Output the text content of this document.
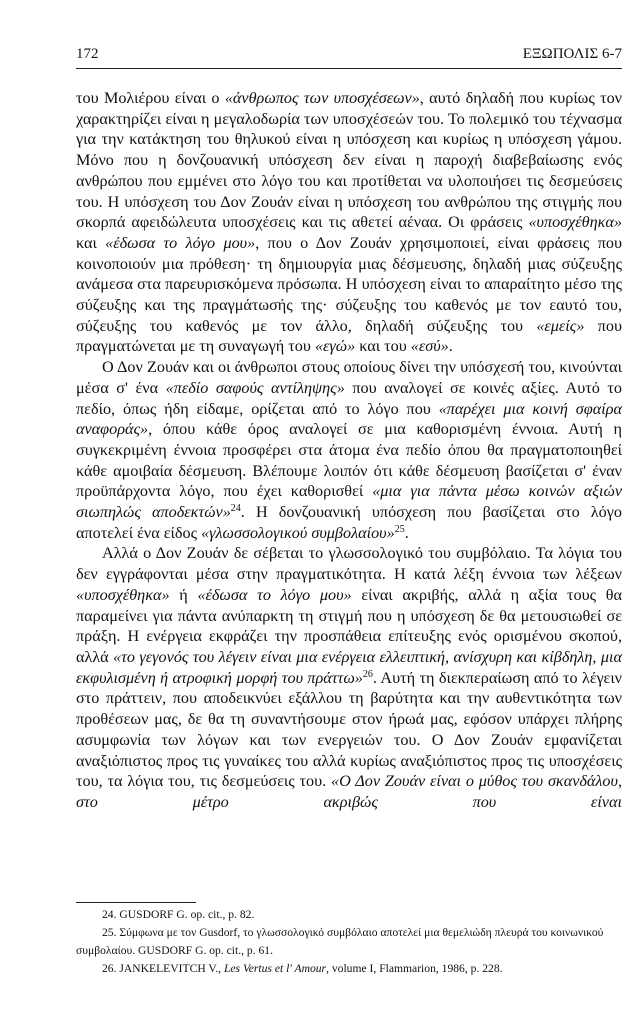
172	ΕΞΩΠΟΛΙΣ 6-7

του Μολιέρου είναι ο «άνθρωπος των υποσχέσεων», αυτό δηλαδή που κυρίως τον χαρακτηρίζει είναι η μεγαλοδωρία των υποσχέσεών του. Το πολεμικό του τέχνασμα για την κατάκτηση του θηλυκού είναι η υπόσχεση και κυρίως η υπόσχεση γάμου. Μόνο που η δονζουανική υπόσχεση δεν είναι η παροχή διαβεβαίωσης ενός ανθρώπου που εμμένει στο λόγο του και προτίθεται να υλοποιήσει τις δεσμεύσεις του. Η υπόσχεση του Δον Ζουάν είναι η υπόσχεση του ανθρώπου της στιγμής που σκορπά αφειδώλευτα υποσχέσεις και τις αθετεί αέναα. Οι φράσεις «υποσχέθηκα» και «έδωσα το λόγο μου», που ο Δον Ζουάν χρησιμοποιεί, είναι φράσεις που κοινοποιούν μια πρόθεση· τη δημιουργία μιας δέσμευσης, δηλαδή μιας σύζευξης ανάμεσα στα παρευρισκόμενα πρόσωπα. Η υπόσχεση είναι το απαραίτητο μέσο της σύζευξης και της πραγμάτωσής της· σύζευξης του καθενός με τον εαυτό του, σύζευξης του καθενός με τον άλλο, δηλαδή σύζευξης του «εμείς» που πραγματώνεται με τη συναγωγή του «εγώ» και του «εσύ».

Ο Δον Ζουάν και οι άνθρωποι στους οποίους δίνει την υπόσχεσή του, κινούνται μέσα σ' ένα «πεδίο σαφούς αντίληψης» που αναλογεί σε κοινές αξίες. Αυτό το πεδίο, όπως ήδη είδαμε, ορίζεται από το λόγο που «παρέχει μια κοινή σφαίρα αναφοράς», όπου κάθε όρος αναλογεί σε μια καθορισμένη έννοια. Αυτή η συγκεκριμένη έννοια προσφέρει στα άτομα ένα πεδίο όπου θα πραγματοποιηθεί κάθε αμοιβαία δέσμευση. Βλέπουμε λοιπόν ότι κάθε δέσμευση βασίζεται σ' έναν προϋπάρχοντα λόγο, που έχει καθορισθεί «μια για πάντα μέσω κοινών αξιών σιωπηλώς αποδεκτών»$^{24}$. Η δονζουανική υπόσχεση που βασίζεται στο λόγο αποτελεί ένα είδος «γλωσσολογικού συμβολαίου»$^{25}$.

Αλλά ο Δον Ζουάν δε σέβεται το γλωσσολογικό του συμβόλαιο. Τα λόγια του δεν εγγράφονται μέσα στην πραγματικότητα. Η κατά λέξη έννοια των λέξεων «υποσχέθηκα» ή «έδωσα το λόγο μου» είναι ακριβής, αλλά η αξία τους θα παραμείνει για πάντα ανύπαρκτη τη στιγμή που η υπόσχεση δε θα μετουσιωθεί σε πράξη. Η ενέργεια εκφράζει την προσπάθεια επίτευξης ενός ορισμένου σκοπού, αλλά «το γεγονός του λέγειν είναι μια ενέργεια ελλειπτική, ανίσχυρη και κίβδηλη, μια εκφυλισμένη ή ατροφική μορφή του πράττω»$^{26}$. Αυτή τη διεκπεραίωση από το λέγειν στο πράττειν, που αποδεικνύει εξάλλου τη βαρύτητα και την αυθεντικότητα των προθέσεων μας, δε θα τη συναντήσουμε στον ήρωά μας, εφόσον υπάρχει πλήρης ασυμφωνία των λόγων και των ενεργειών του. Ο Δον Ζουάν εμφανίζεται αναξιόπιστος προς τις γυναίκες του αλλά κυρίως αναξιόπιστος προς τις υποσχέσεις του, τα λόγια του, τις δεσμεύσεις του. «Ο Δον Ζουάν είναι ο μύθος του σκανδάλου, στο μέτρο ακριβώς που είναι

24. GUSDORF G. op. cit., p. 82.
25. Σύμφωνα με τον Gusdorf, το γλωσσολογικό συμβόλαιο αποτελεί μια θεμελιώδη πλευρά του κοινωνικού συμβολαίου. GUSDORF G. op. cit., p. 61.
26. JANKELEVITCH V., Les Vertus et l' Amour, volume I, Flammarion, 1986, p. 228.
